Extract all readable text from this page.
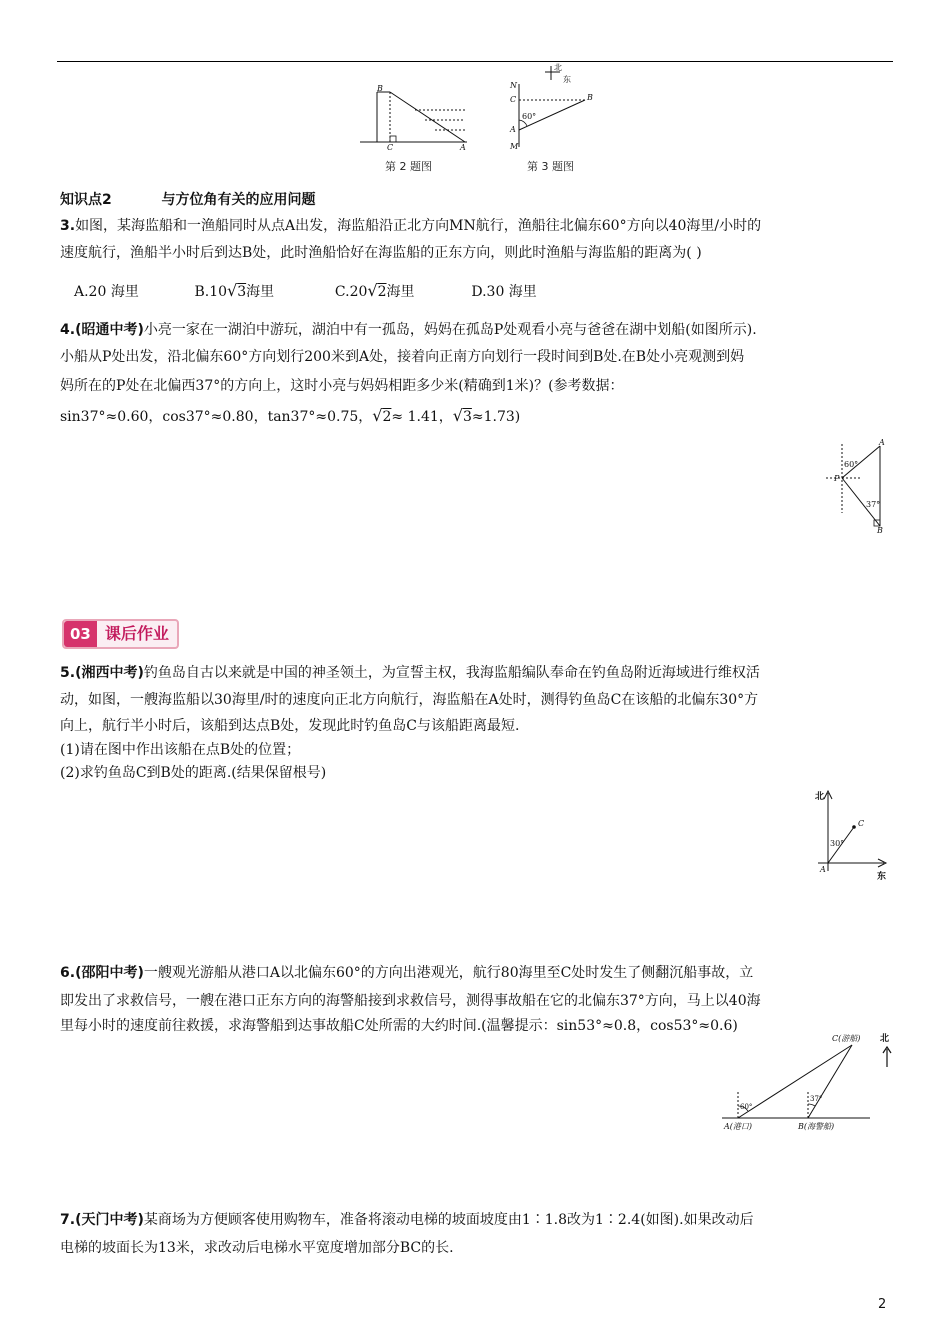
B
C	A
第 2 题图
北
东
N
C	B
A
M
60°
第 3 题图
知识点2	与方位角有关的应用问题
3.如图，某海监船和一渔船同时从点A出发，海监船沿正北方向MN航行，渔船往北偏东60°方向以40海里/小时的
速度航行，渔船半小时后到达B处，此时渔船恰好在海监船的正东方向，则此时渔船与海监船的距离为( )
A.20 海里	B.10√3海里	C.20√2海里	D.30 海里
4.(昭通中考)小亮一家在一湖泊中游玩，湖泊中有一孤岛，妈妈在孤岛P处观看小亮与爸爸在湖中划船(如图所示).
小船从P处出发，沿北偏东60°方向划行200米到A处，接着向正南方向划行一段时间到B处.在B处小亮观测到妈
妈所在的P处在北偏西37°的方向上，这时小亮与妈妈相距多少米(精确到1米)？(参考数据：
sin37°≈0.60，cos37°≈0.80，tan37°≈0.75，√2≈ 1.41，√3≈1.73)
A
P
B
60°
37°
03 课后作业
5.(湘西中考)钓鱼岛自古以来就是中国的神圣领土，为宣誓主权，我海监船编队奉命在钓鱼岛附近海域进行维权活
动，如图，一艘海监船以30海里/时的速度向正北方向航行，海监船在A处时，测得钓鱼岛C在该船的北偏东30°方
向上，航行半小时后，该船到达点B处，发现此时钓鱼岛C与该船距离最短.
(1)请在图中作出该船在点B处的位置；
(2)求钓鱼岛C到B处的距离.(结果保留根号)
北
C
30°
A
东
6.(邵阳中考)一艘观光游船从港口A以北偏东60°的方向出港观光，航行80海里至C处时发生了侧翻沉船事故，立
即发出了求救信号，一艘在港口正东方向的海警船接到求救信号，测得事故船在它的北偏东37°方向，马上以40海
里每小时的速度前往救援，求海警船到达事故船C处所需的大约时间.(温馨提示：sin53°≈0.8，cos53°≈0.6)
C(游船) 北
60°
37°
A(港口)	B(海警船)
7.(天门中考)某商场为方便顾客使用购物车，准备将滚动电梯的坡面坡度由1∶1.8改为1∶2.4(如图).如果改动后
电梯的坡面长为13米，求改动后电梯水平宽度增加部分BC的长.
2
